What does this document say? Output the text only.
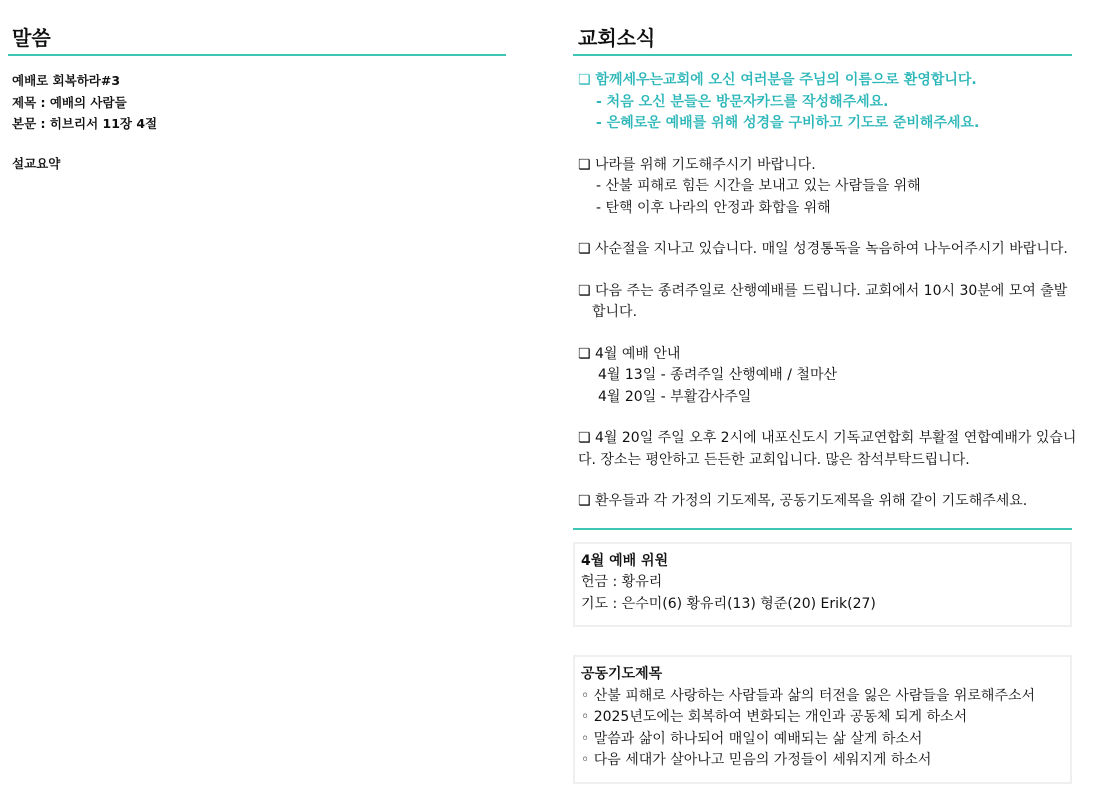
말씀
예배로 회복하라#3
제목 : 예배의 사람들
본문 : 히브리서 11장 4절
설교요약
교회소식
❏ 함께세우는교회에 오신 여러분을 주님의 이름으로 환영합니다.
- 처음 오신 분들은 방문자카드를 작성해주세요.
- 은혜로운 예배를 위해 성경을 구비하고 기도로 준비해주세요.
❏ 나라를 위해 기도해주시기 바랍니다.
- 산불 피해로 힘든 시간을 보내고 있는 사람들을 위해
- 탄핵 이후 나라의 안정과 화합을 위해
❏ 사순절을 지나고 있습니다. 매일 성경통독을 녹음하여 나누어주시기 바랍니다.
❏ 다음 주는 종려주일로 산행예배를 드립니다. 교회에서 10시 30분에 모여 출발
합니다.
❏ 4월 예배 안내
4월 13일 - 종려주일 산행예배 / 철마산
4월 20일 - 부활감사주일
❏ 4월 20일 주일 오후 2시에 내포신도시 기독교연합회 부활절 연합예배가 있습니
다. 장소는 평안하고 든든한 교회입니다. 많은 참석부탁드립니다.
❏ 환우들과 각 가정의 기도제목, 공동기도제목을 위해 같이 기도해주세요.
4월 예배 위원
헌금 : 황유리
기도 : 은수미(6) 황유리(13) 형준(20) Erik(27)
공동기도제목
◦ 산불 피해로 사랑하는 사람들과 삶의 터전을 잃은 사람들을 위로해주소서
◦ 2025년도에는 회복하여 변화되는 개인과 공동체 되게 하소서
◦ 말씀과 삶이 하나되어 매일이 예배되는 삶 살게 하소서
◦ 다음 세대가 살아나고 믿음의 가정들이 세워지게 하소서
